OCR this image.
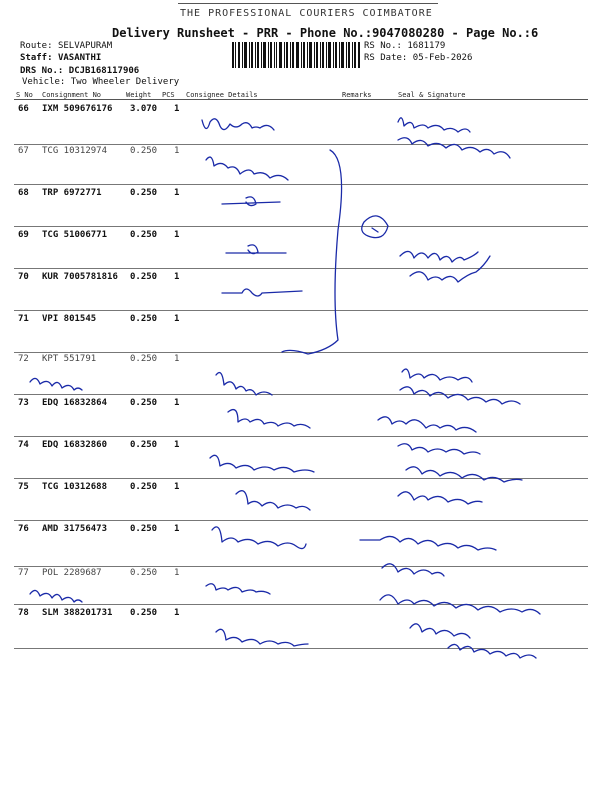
THE PROFESSIONAL COURIERS COIMBATORE
Delivery Runsheet - PRR - Phone No.:9047080280 - Page No.:6
Route: SELVAPURAM
Staff: VASANTHI
DRS No.: DCJB168117906
Vehicle: Two Wheeler Delivery
RS No.: 1681179
RS Date: 05-Feb-2026
S No Consignment No	Weight PCS Consignee Details	Remarks	Seal & Signature
66 IXM 509676176 3.070 1
67 TCG 10312974	0.250 1
68 TRP 6972771	0.250 1
69 TCG 51006771	0.250 1
70 KUR 7005781816 0.250 1
71 VPI 801545	0.250 1
72 KPT 551791	0.250 1
73 EDQ 16832864	0.250 1
74 EDQ 16832860	0.250 1
75 TCG 10312688	0.250 1
76 AMD 31756473	0.250 1
77 POL 2289687	0.250 1
78 SLM 388201731 0.250 1
